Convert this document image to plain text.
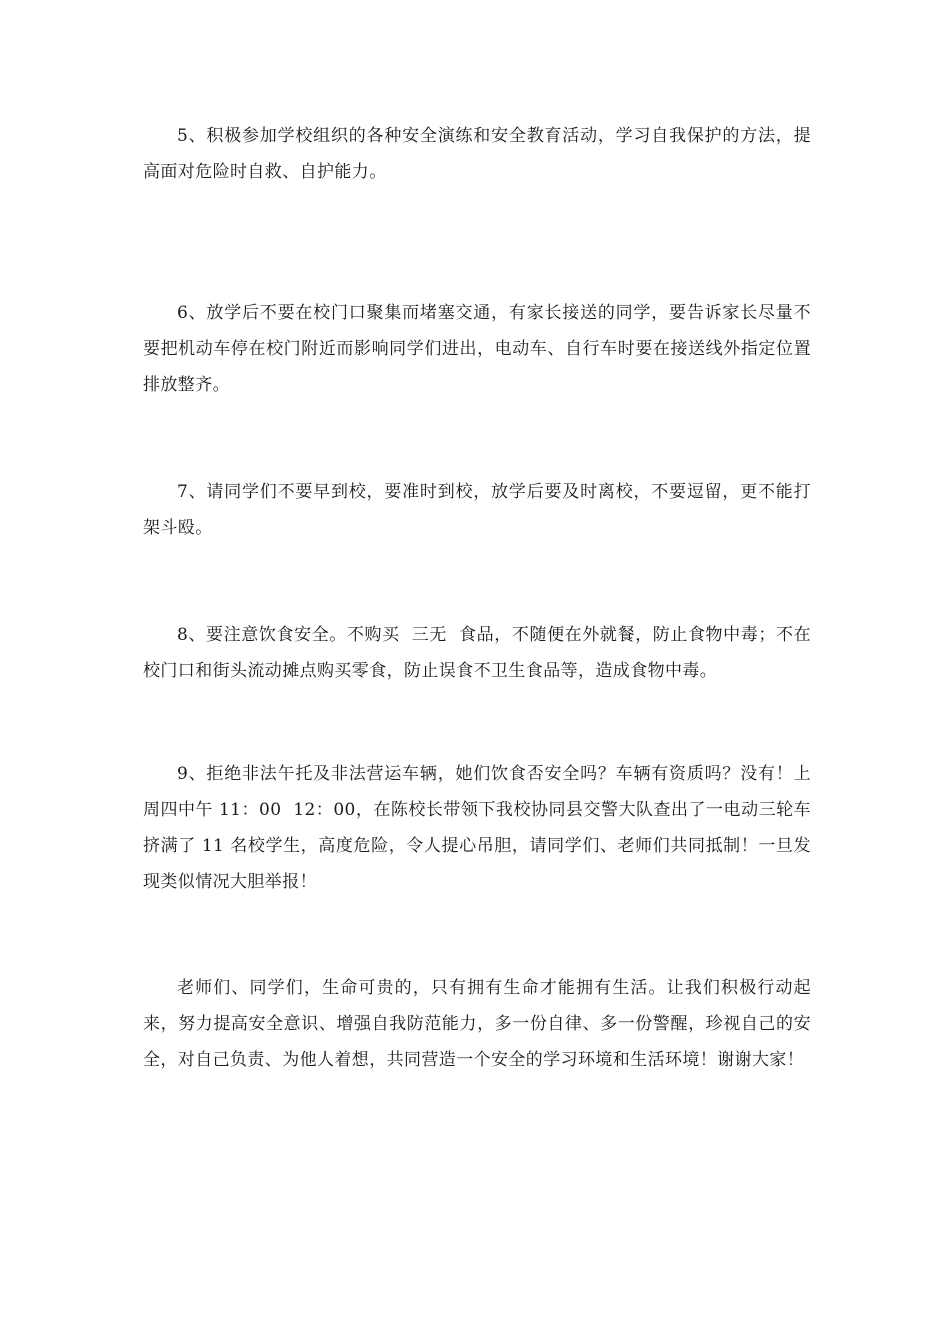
5、积极参加学校组织的各种安全演练和安全教育活动，学习自我保护的方法，提高面对危险时自救、自护能力。

6、放学后不要在校门口聚集而堵塞交通，有家长接送的同学，要告诉家长尽量不要把机动车停在校门附近而影响同学们进出，电动车、自行车时要在接送线外指定位置排放整齐。

7、请同学们不要早到校，要准时到校，放学后要及时离校，不要逗留，更不能打架斗殴。

8、要注意饮食安全。不购买  三无  食品，不随便在外就餐，防止食物中毒；不在校门口和街头流动摊点购买零食，防止误食不卫生食品等，造成食物中毒。

9、拒绝非法午托及非法营运车辆，她们饮食否安全吗？车辆有资质吗？没有！上周四中午 11：00  12：00，在陈校长带领下我校协同县交警大队查出了一电动三轮车挤满了 11 名校学生，高度危险，令人提心吊胆，请同学们、老师们共同抵制！一旦发现类似情况大胆举报！

老师们、同学们，生命可贵的，只有拥有生命才能拥有生活。让我们积极行动起来，努力提高安全意识、增强自我防范能力，多一份自律、多一份警醒，珍视自己的安全，对自己负责、为他人着想，共同营造一个安全的学习环境和生活环境！谢谢大家！
